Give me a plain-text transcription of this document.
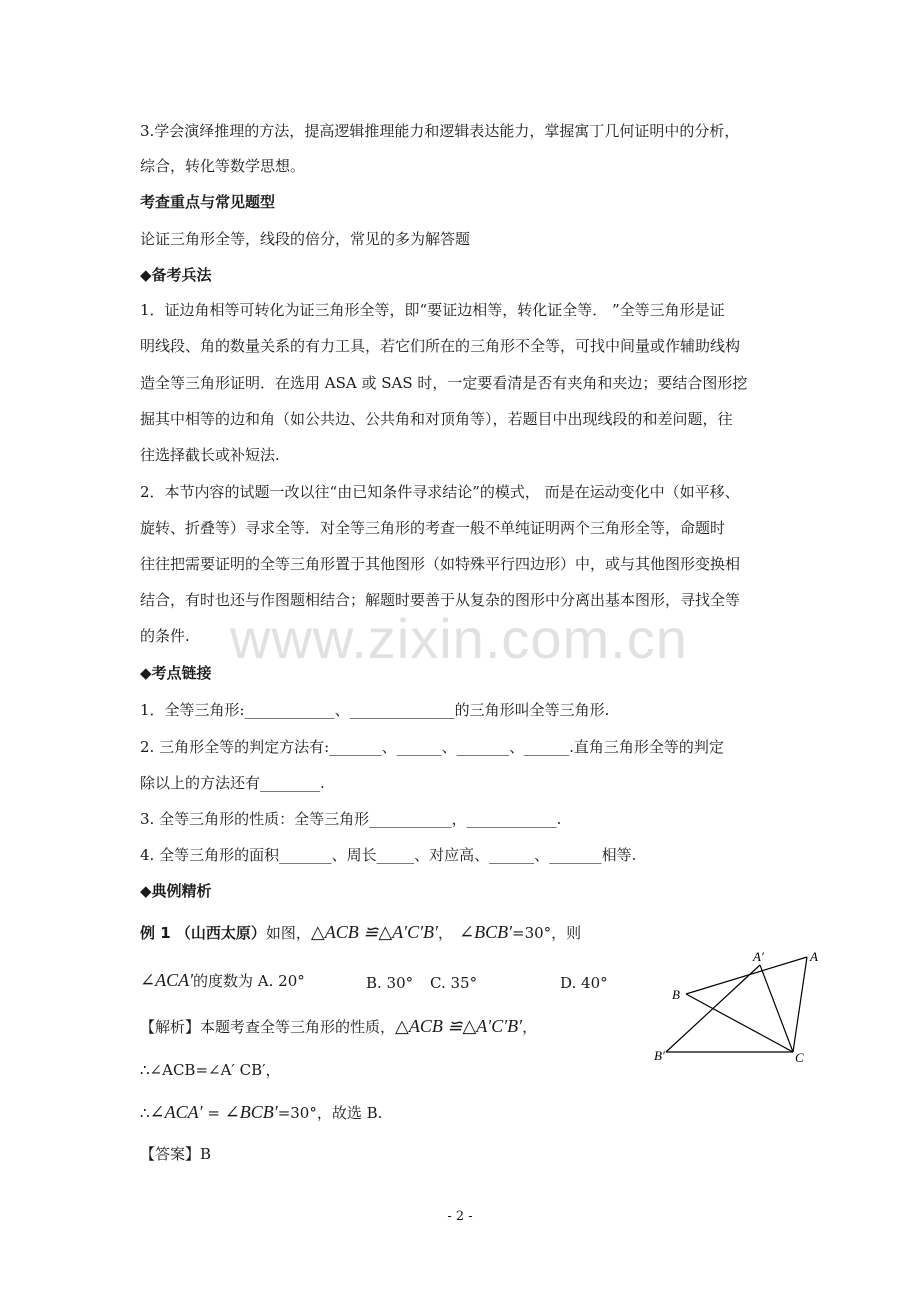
3.学会演绎推理的方法，提高逻辑推理能力和逻辑表达能力，掌握寓丁几何证明中的分析，
综合，转化等数学思想。
考查重点与常见题型
论证三角形全等，线段的倍分，常见的多为解答题
◆备考兵法
1．证边角相等可转化为证三角形全等，即“要证边相等，转化证全等． ”全等三角形是证
明线段、角的数量关系的有力工具，若它们所在的三角形不全等，可找中间量或作辅助线构
造全等三角形证明．在选用 ASA 或 SAS 时，一定要看清是否有夹角和夹边；要结合图形挖
掘其中相等的边和角（如公共边、公共角和对顶角等），若题目中出现线段的和差问题，往
往选择截长或补短法.
2．本节内容的试题一改以往“由已知条件寻求结论”的模式， 而是在运动变化中（如平移、
旋转、折叠等）寻求全等．对全等三角形的考查一般不单纯证明两个三角形全等，命题时
往往把需要证明的全等三角形置于其他图形（如特殊平行四边形）中，或与其他图形变换相
结合，有时也还与作图题相结合；解题时要善于从复杂的图形中分离出基本图形，寻找全等
的条件. www.zixin.com.cn
◆考点链接
1．全等三角形:____________、______________的三角形叫全等三角形.
2. 三角形全等的判定方法有:_______、______、_______、______.直角三角形全等的判定
除以上的方法还有________.
3. 全等三角形的性质：全等三角形___________，____________.
4. 全等三角形的面积_______、周长_____、对应高、______、_______相等.
◆典例精析
例 1 （山西太原）如图，△ACB ≌△A′C′B′， ∠BCB′=30°，则
∠ACA′的度数为 A. 20°	B. 30° C. 35°	D. 40°
【解析】本题考查全等三角形的性质，△ACB ≌△A′C′B′，
∴∠ACB=∠A′ CB′，
∴∠ACA′ = ∠BCB′=30°，故选 B.
【答案】B
A
A′
B
B′	C
- 2 -
